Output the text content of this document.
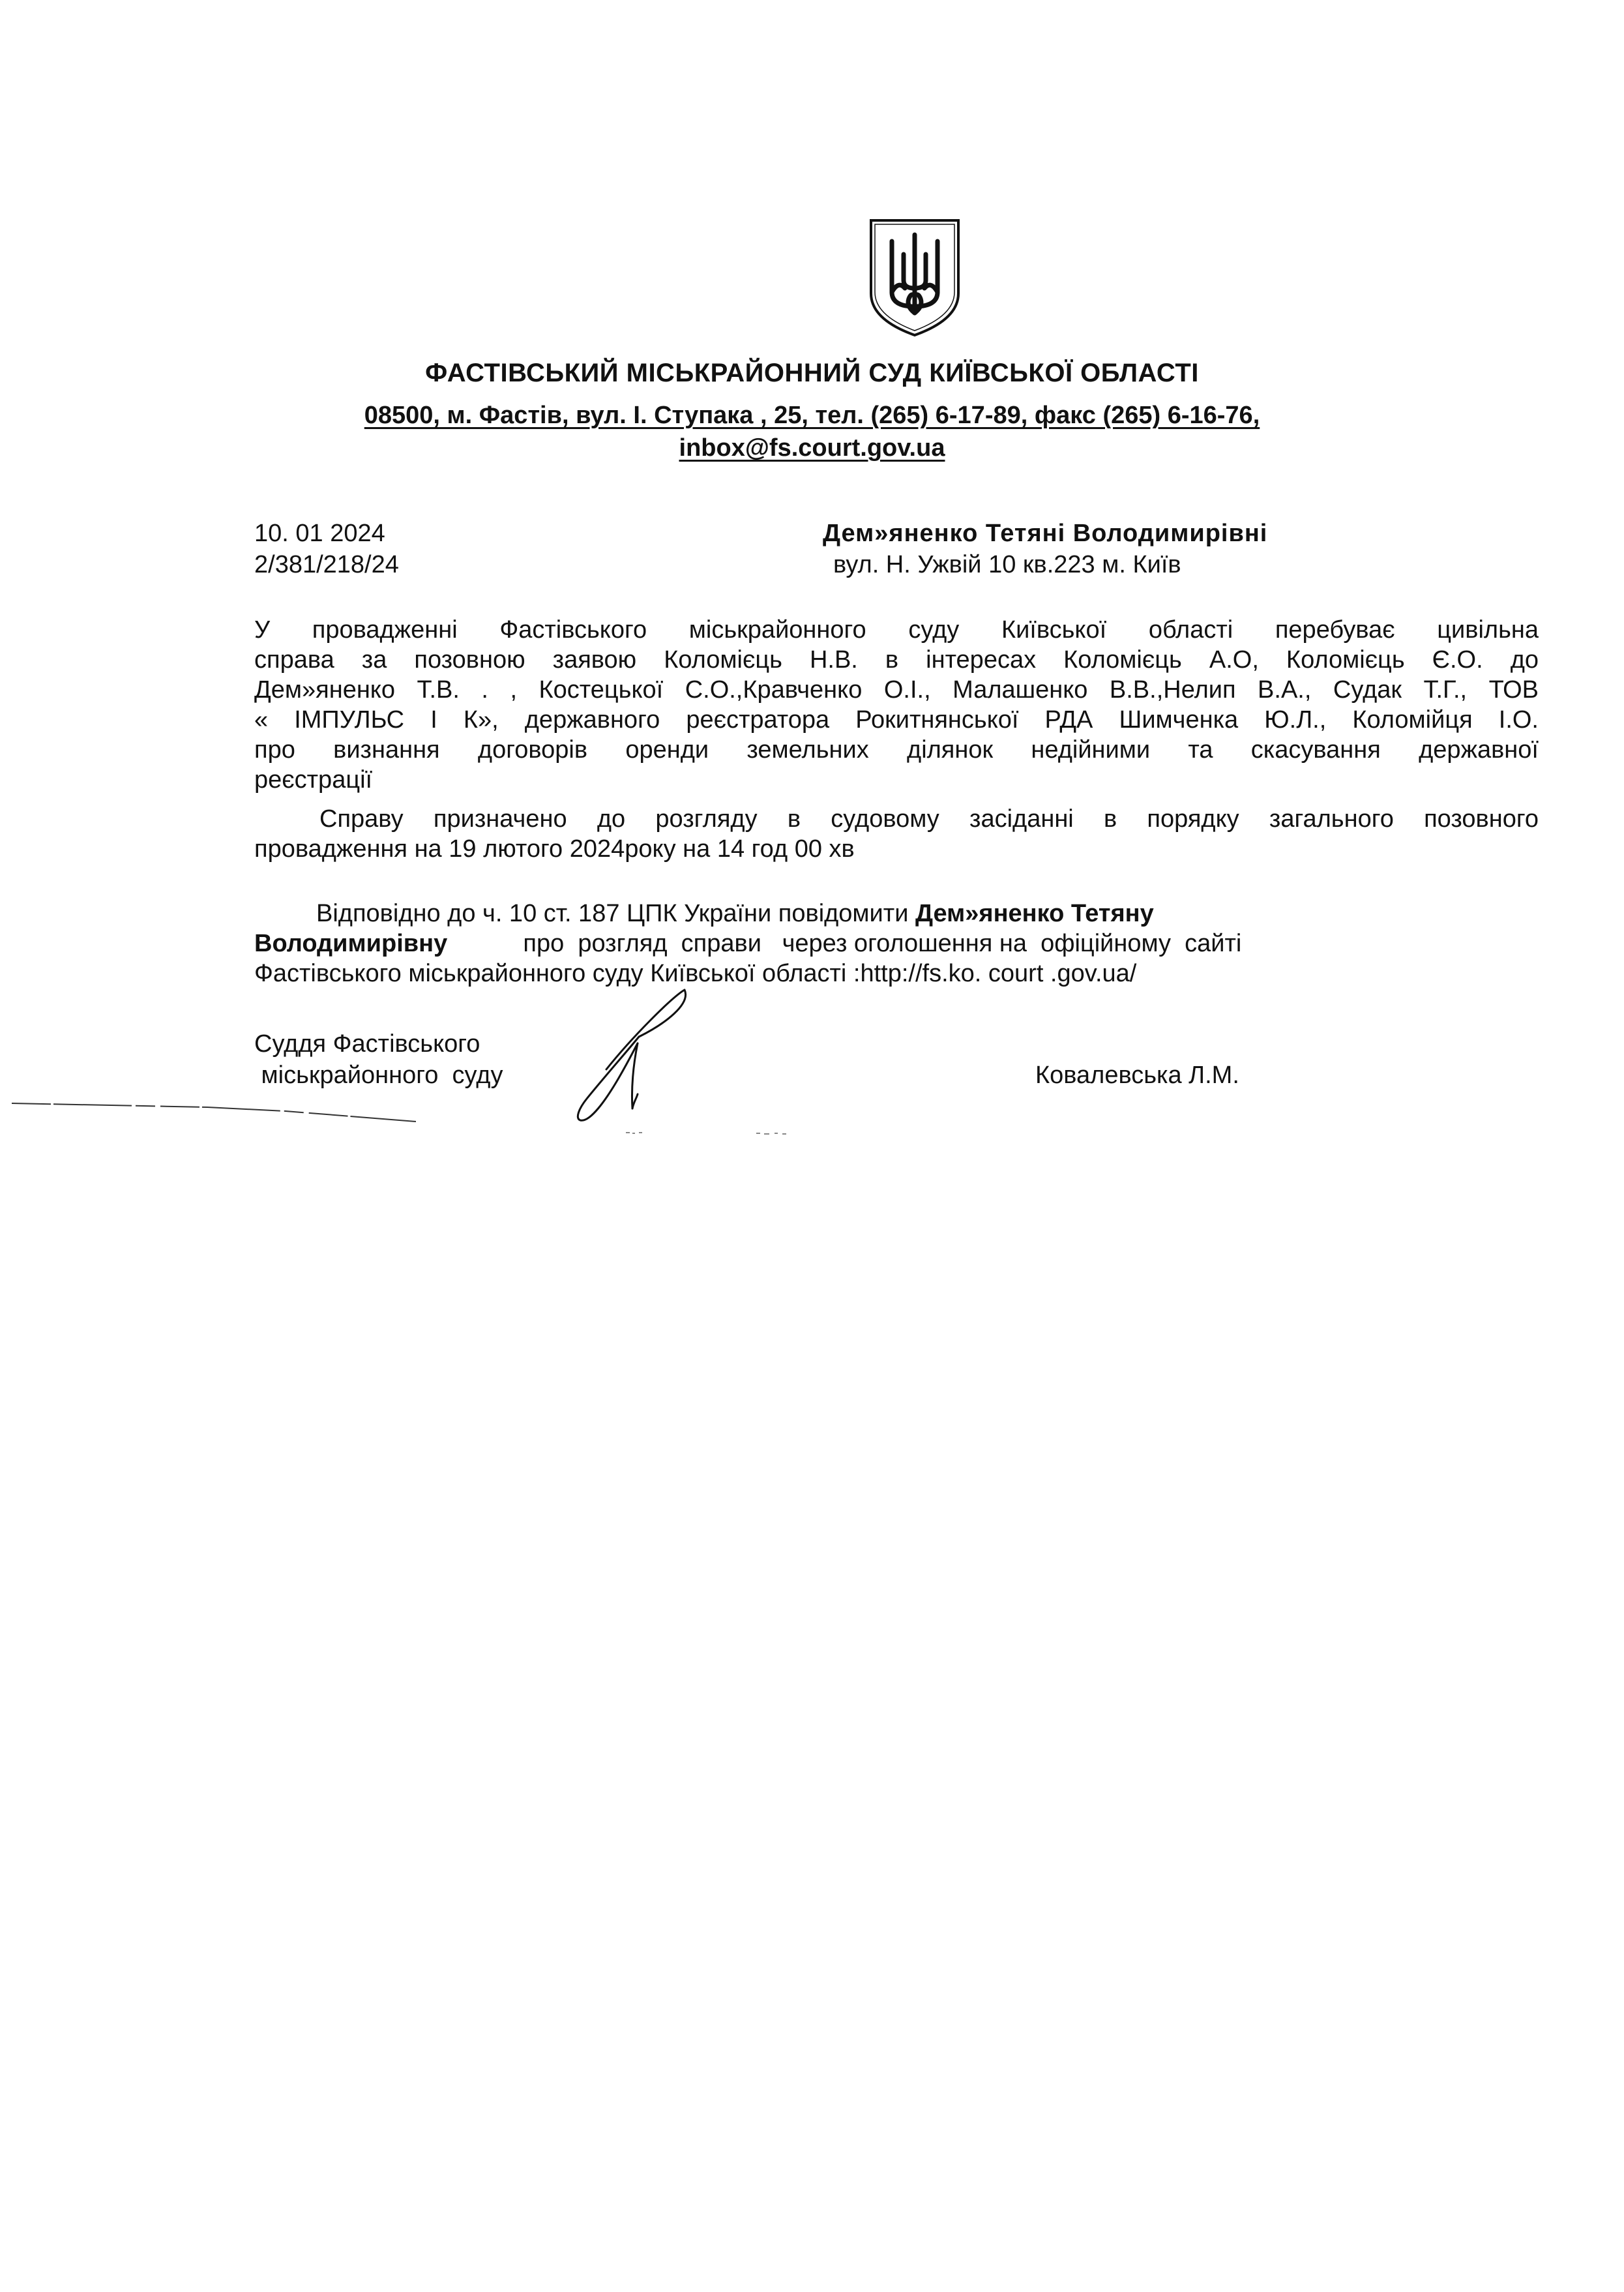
ФАСТІВСЬКИЙ МІСЬКРАЙОННИЙ СУД КИЇВСЬКОЇ ОБЛАСТІ
08500, м. Фастів, вул. І. Ступака , 25, тел. (265) 6-17-89, факс (265) 6-16-76,
inbox@fs.court.gov.ua
10. 01 2024
2/381/218/24
Дем»яненко Тетяні Володимирівні
вул. Н. Ужвій 10 кв.223 м. Київ
У провадженні Фастівського міськрайонного суду Київської області перебуває цивільна
справа за позовною заявою Коломієць Н.В. в інтересах Коломієць А.О, Коломієць Є.О. до
Дем»яненко Т.В. . , Костецької С.О.,Кравченко О.І., Малашенко В.В.,Нелип В.А., Судак Т.Г., ТОВ
« ІМПУЛЬС І К», державного реєстратора Рокитнянської РДА Шимченка Ю.Л., Коломійця І.О.
про визнання договорів оренди земельних ділянок недійними та скасування державної
реєстрації
Справу призначено до розгляду в судовому засіданні в порядку загального позовного
провадження на 19 лютого 2024року на 14 год 00 хв
Відповідно до ч. 10 ст. 187 ЦПК України повідомити Дем»яненко Тетяну
Володимирівну           про  розгляд  справи   через оголошення на  офіційному  сайті
Фастівського міськрайонного суду Київської області :http://fs.ko. court .gov.ua/
Суддя Фастівського
міськрайонного  суду	Ковалевська Л.М.
